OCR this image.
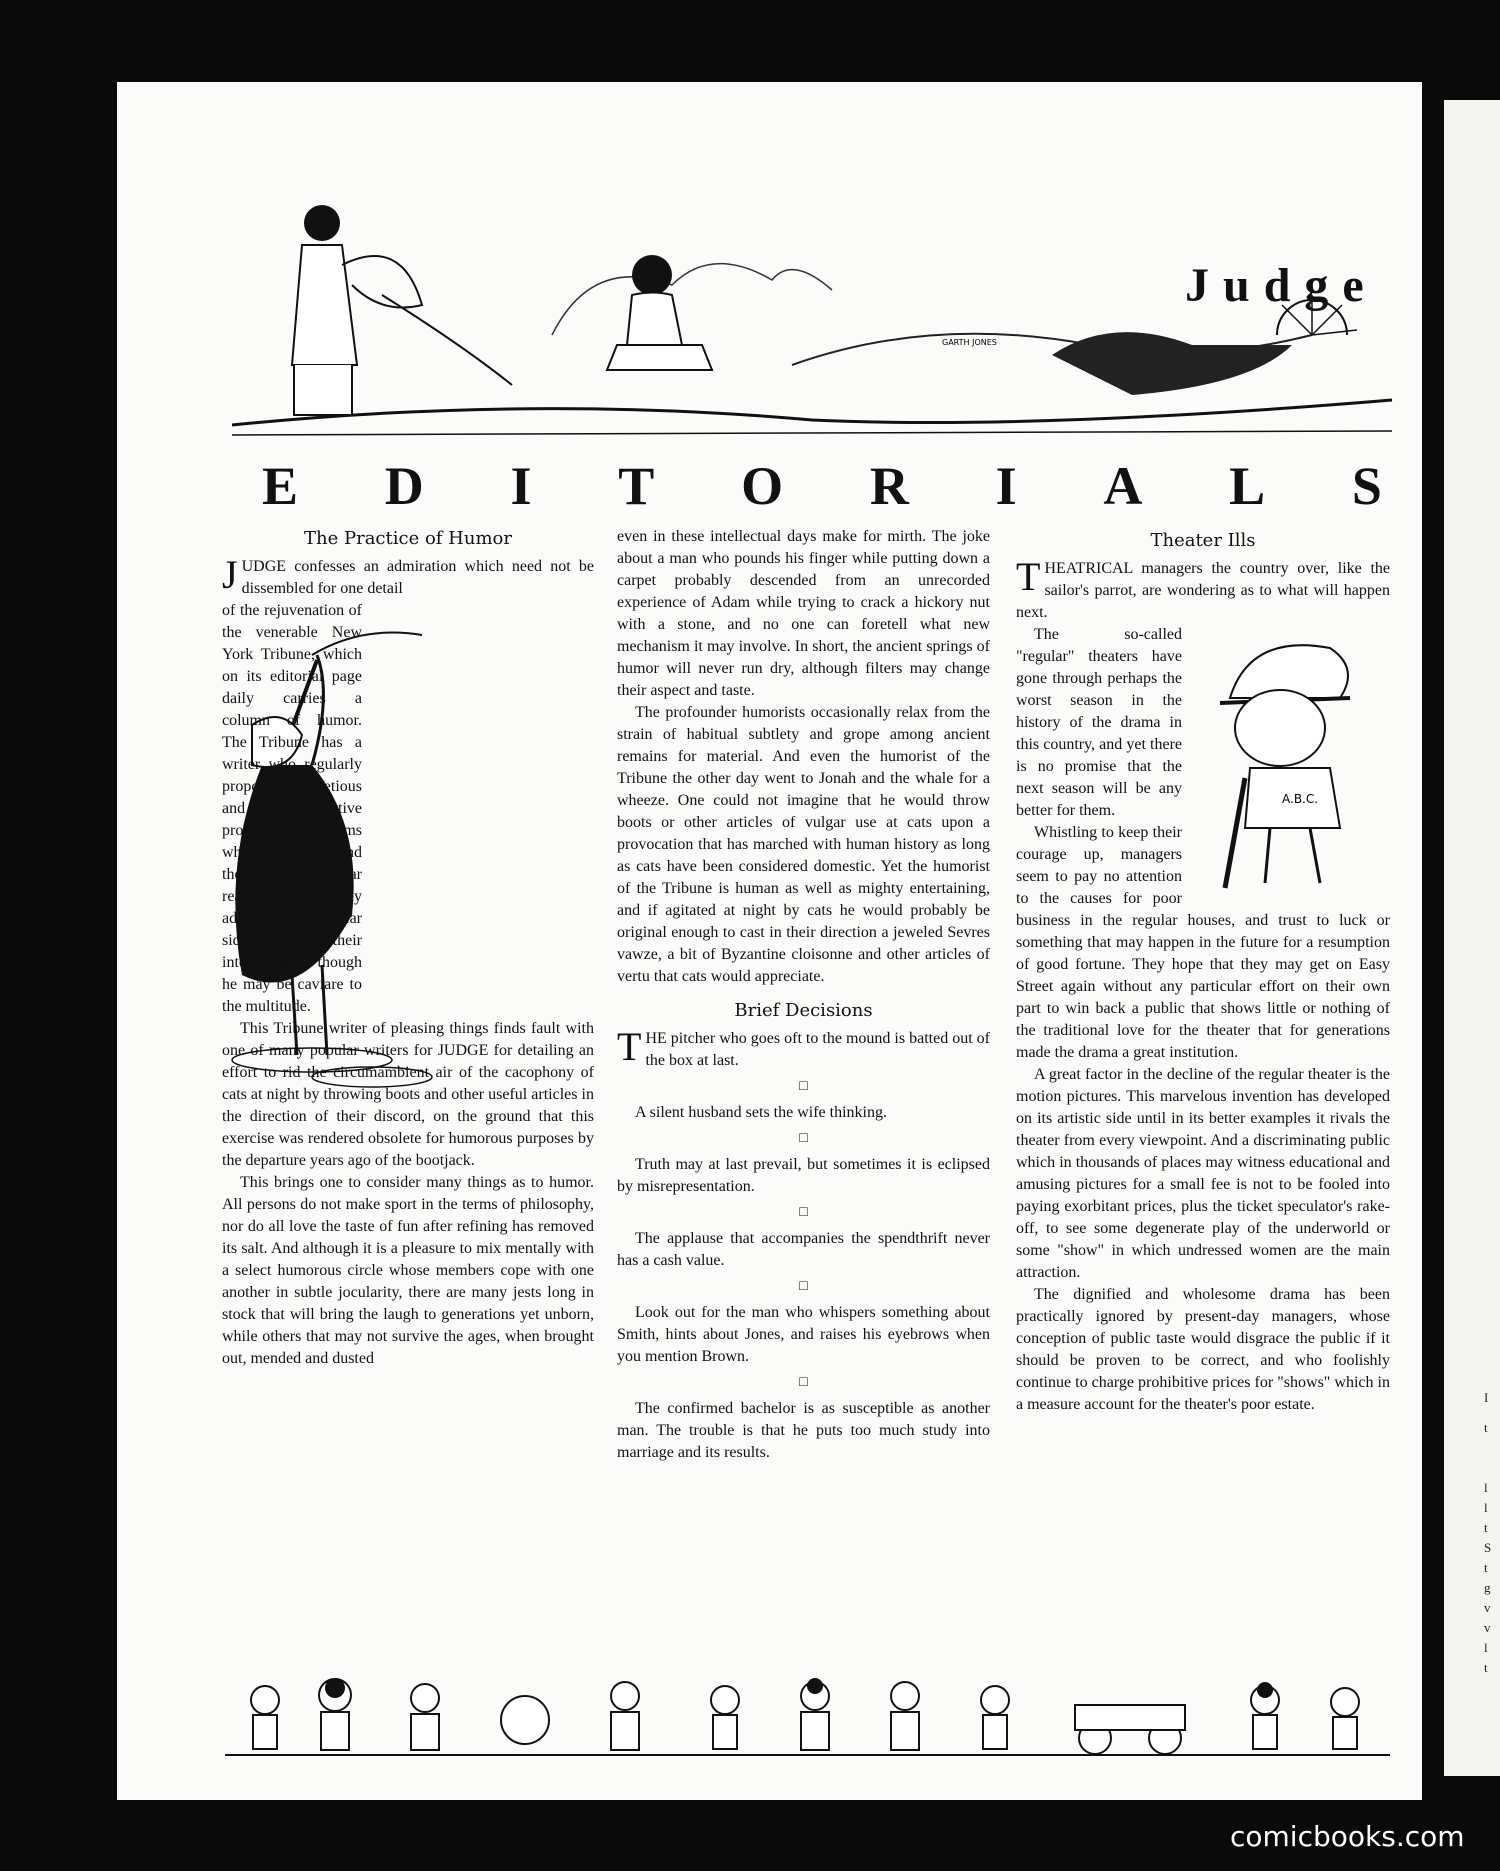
I
t
l
l
t
S
t
g
v
v
l
t
GARTH JONES
Judge
E D I T O R I A L S
The Practice of Humor

JUDGE confesses an admiration which need not be dissembled for one detail

of the rejuvenation of the venerable New York Tribune, which on its editorial page daily carries a column of humor. The Tribune has a writer who regularly propounds facetious and sportive problems in terms which JUDGE and the Tribune's regular readers may readily adjust to the jocular side of their intellectuals, though he may be caviare to the multitude.

This Tribune writer of pleasing things finds fault with one of many popular writers for JUDGE for detailing an effort to rid the circumambient air of the cacophony of cats at night by throwing boots and other useful articles in the direction of their discord, on the ground that this exercise was rendered obsolete for humorous purposes by the departure years ago of the bootjack.

This brings one to consider many things as to humor. All persons do not make sport in the terms of philosophy, nor do all love the taste of fun after refining has removed its salt. And although it is a pleasure to mix mentally with a select humorous circle whose members cope with one another in subtle jocularity, there are many jests long in stock that will bring the laugh to generations yet unborn, while others that may not survive the ages, when brought out, mended and dusted

even in these intellectual days make for mirth. The joke about a man who pounds his finger while putting down a carpet probably descended from an unrecorded experience of Adam while trying to crack a hickory nut with a stone, and no one can foretell what new mechanism it may involve. In short, the ancient springs of humor will never run dry, although filters may change their aspect and taste.

The profounder humorists occasionally relax from the strain of habitual subtlety and grope among ancient remains for material. And even the humorist of the Tribune the other day went to Jonah and the whale for a wheeze. One could not imagine that he would throw boots or other articles of vulgar use at cats upon a provocation that has marched with human history as long as cats have been considered domestic. Yet the humorist of the Tribune is human as well as mighty entertaining, and if agitated at night by cats he would probably be original enough to cast in their direction a jeweled Sevres vawze, a bit of Byzantine cloisonne and other articles of vertu that cats would appreciate.

Brief Decisions

THE pitcher who goes oft to the mound is batted out of the box at last.

□

A silent husband sets the wife thinking.

□

Truth may at last prevail, but sometimes it is eclipsed by misrepresentation.

□

The applause that accompanies the spendthrift never has a cash value.

□

Look out for the man who whispers something about Smith, hints about Jones, and raises his eyebrows when you mention Brown.

□

The confirmed bachelor is as susceptible as another man. The trouble is that he puts too much study into marriage and its results.

Theater Ills

THEATRICAL managers the country over, like the sailor's parrot, are wondering as to what will happen next.

A.B.C.

The so-called "regular" theaters have gone through perhaps the worst season in the history of the drama in this country, and yet there is no promise that the next season will be any better for them.

Whistling to keep their courage up, managers seem to pay no attention to the causes for poor business in the regular houses, and trust to luck or something that may happen in the future for a resumption of good fortune. They hope that they may get on Easy Street again without any particular effort on their own part to win back a public that shows little or nothing of the traditional love for the theater that for generations made the drama a great institution.

A great factor in the decline of the regular theater is the motion pictures. This marvelous invention has developed on its artistic side until in its better examples it rivals the theater from every viewpoint. And a discriminating public which in thousands of places may witness educational and amusing pictures for a small fee is not to be fooled into paying exorbitant prices, plus the ticket speculator's rake-off, to see some degenerate play of the underworld or some "show" in which undressed women are the main attraction.

The dignified and wholesome drama has been practically ignored by present-day managers, whose conception of public taste would disgrace the public if it should be proven to be correct, and who foolishly continue to charge prohibitive prices for "shows" which in a measure account for the theater's poor estate.

comicbooks.com
